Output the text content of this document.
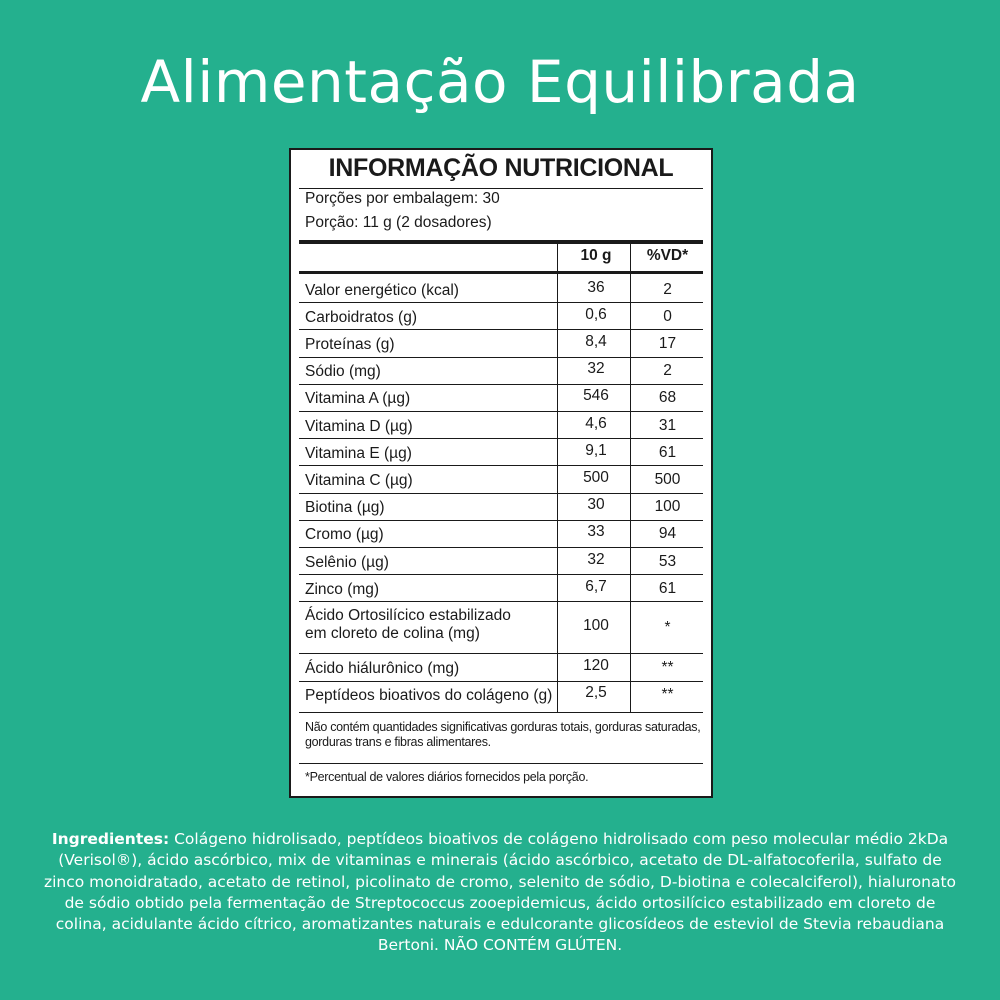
Alimentação Equilibrada
INFORMAÇÃO NUTRICIONAL
Porções por embalagem: 30
Porção: 11 g (2 dosadores)
10 g	%VD*
Valor energético (kcal)	36	2
Carboidratos (g)	0,6	0
Proteínas (g)	8,4	17
Sódio (mg)	32	2
Vitamina A (µg)	546	68
Vitamina D (µg)	4,6	31
Vitamina E (µg)	9,1	61
Vitamina C (µg)	500	500
Biotina (µg)	30	100
Cromo (µg)	33	94
Selênio (µg)	32	53
Zinco (mg)	6,7	61
Ácido Ortosilícico estabilizado
em cloreto de colina (mg)	100	*
Ácido hiálurônico (mg)	120	**
Peptídeos bioativos do colágeno (g)	2,5	**
Não contém quantidades significativas gorduras totais, gorduras saturadas,
gorduras trans e fibras alimentares.
*Percentual de valores diários fornecidos pela porção.

Ingredientes: Colágeno hidrolisado, peptídeos bioativos de colágeno hidrolisado com peso molecular médio 2kDa (Verisol®), ácido ascórbico, mix de vitaminas e minerais (ácido ascórbico, acetato de DL-alfatocoferila, sulfato de zinco monoidratado, acetato de retinol, picolinato de cromo, selenito de sódio, D-biotina e colecalciferol), hialuronato de sódio obtido pela fermentação de Streptococcus zooepidemicus, ácido ortosilícico estabilizado em cloreto de colina, acidulante ácido cítrico, aromatizantes naturais e edulcorante glicosídeos de esteviol de Stevia rebaudiana Bertoni. NÃO CONTÉM GLÚTEN.
